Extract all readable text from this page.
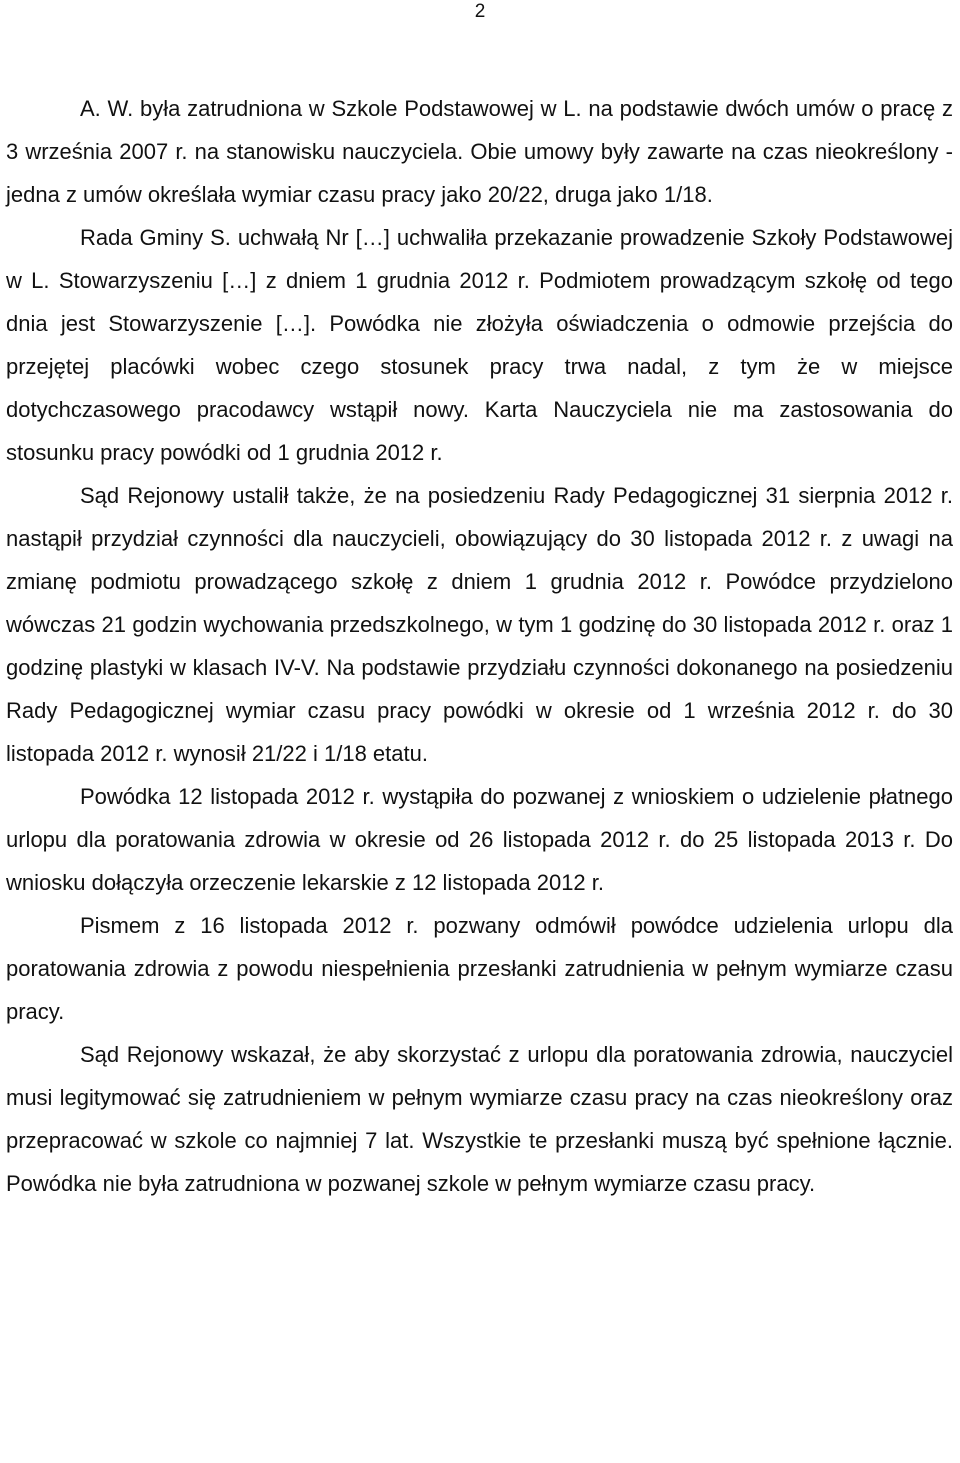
2

A. W. była zatrudniona w Szkole Podstawowej w L. na podstawie dwóch umów o pracę z 3 września 2007 r. na stanowisku nauczyciela. Obie umowy były zawarte na czas nieokreślony - jedna z umów określała wymiar czasu pracy jako 20/22, druga jako 1/18.

Rada Gminy S. uchwałą Nr […] uchwaliła przekazanie prowadzenie Szkoły Podstawowej w L. Stowarzyszeniu […] z dniem 1 grudnia 2012 r. Podmiotem prowadzącym szkołę od tego dnia jest Stowarzyszenie […]. Powódka nie złożyła oświadczenia o odmowie przejścia do przejętej placówki wobec czego stosunek pracy trwa nadal, z tym że w miejsce dotychczasowego pracodawcy wstąpił nowy. Karta Nauczyciela nie ma zastosowania do stosunku pracy powódki od 1 grudnia 2012 r.

Sąd Rejonowy ustalił także, że na posiedzeniu Rady Pedagogicznej 31 sierpnia 2012 r. nastąpił przydział czynności dla nauczycieli, obowiązujący do 30 listopada 2012 r. z uwagi na zmianę podmiotu prowadzącego szkołę z dniem 1 grudnia 2012 r. Powódce przydzielono wówczas 21 godzin wychowania przedszkolnego, w tym 1 godzinę do 30 listopada 2012 r. oraz 1 godzinę plastyki w klasach IV-V. Na podstawie przydziału czynności dokonanego na posiedzeniu Rady Pedagogicznej wymiar czasu pracy powódki w okresie od 1 września 2012 r. do 30 listopada 2012 r. wynosił 21/22 i 1/18 etatu.

Powódka 12 listopada 2012 r. wystąpiła do pozwanej z wnioskiem o udzielenie płatnego urlopu dla poratowania zdrowia w okresie od 26 listopada 2012 r. do 25 listopada 2013 r. Do wniosku dołączyła orzeczenie lekarskie z 12 listopada 2012 r.

Pismem z 16 listopada 2012 r. pozwany odmówił powódce udzielenia urlopu dla poratowania zdrowia z powodu niespełnienia przesłanki zatrudnienia w pełnym wymiarze czasu pracy.

Sąd Rejonowy wskazał, że aby skorzystać z urlopu dla poratowania zdrowia, nauczyciel musi legitymować się zatrudnieniem w pełnym wymiarze czasu pracy na czas nieokreślony oraz przepracować w szkole co najmniej 7 lat. Wszystkie te przesłanki muszą być spełnione łącznie. Powódka nie była zatrudniona w pozwanej szkole w pełnym wymiarze czasu pracy.
